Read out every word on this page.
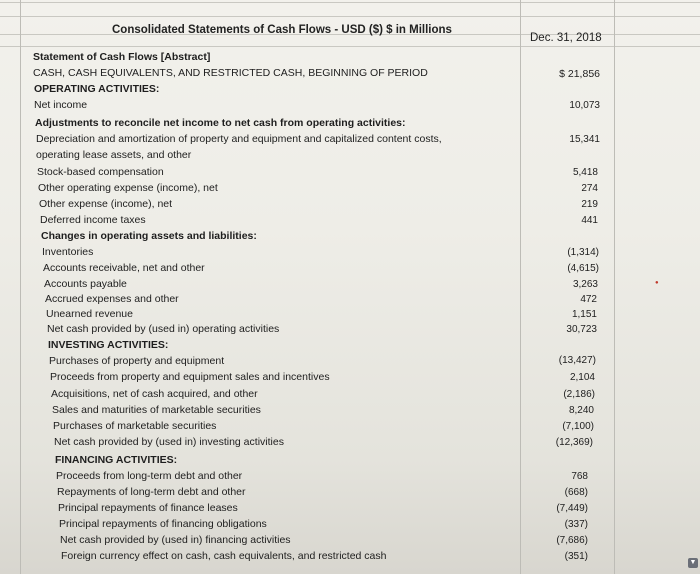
Consolidated Statements of Cash Flows - USD ($) $ in Millions
Dec. 31, 2018
Statement of Cash Flows [Abstract]
CASH, CASH EQUIVALENTS, AND RESTRICTED CASH, BEGINNING OF PERIOD
OPERATING ACTIVITIES:
Net income
Adjustments to reconcile net income to net cash from operating activities:
Depreciation and amortization of property and equipment and capitalized content costs,
operating lease assets, and other
Stock-based compensation
Other operating expense (income), net
Other expense (income), net
Deferred income taxes
Changes in operating assets and liabilities:
Inventories
Accounts receivable, net and other
Accounts payable
Accrued expenses and other
Unearned revenue
Net cash provided by (used in) operating activities
INVESTING ACTIVITIES:
Purchases of property and equipment
Proceeds from property and equipment sales and incentives
Acquisitions, net of cash acquired, and other
Sales and maturities of marketable securities
Purchases of marketable securities
Net cash provided by (used in) investing activities
FINANCING ACTIVITIES:
Proceeds from long-term debt and other
Repayments of long-term debt and other
Principal repayments of finance leases
Principal repayments of financing obligations
Net cash provided by (used in) financing activities
Foreign currency effect on cash, cash equivalents, and restricted cash
$ 21,856
10,073
15,341
5,418
274
219
441
(1,314)
(4,615)
3,263
472
1,151
30,723
(13,427)
2,104
(2,186)
8,240
(7,100)
(12,369)
768
(668)
(7,449)
(337)
(7,686)
(351)
●
▼
